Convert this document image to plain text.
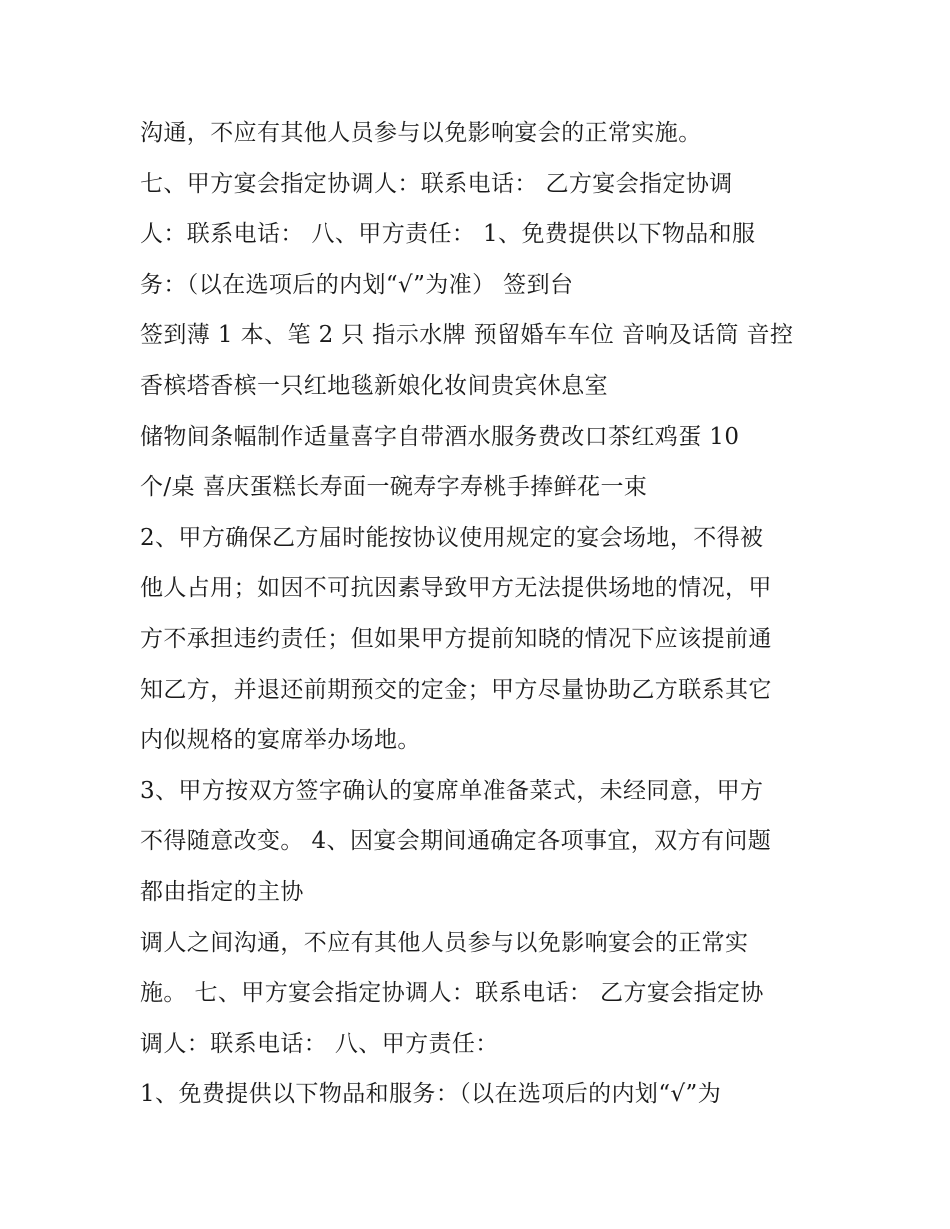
沟通，不应有其他人员参与以免影响宴会的正常实施。
七、甲方宴会指定协调人：联系电话： 乙方宴会指定协调
人：联系电话： 八、甲方责任： 1、免费提供以下物品和服
务：（以在选项后的内划“√”为准） 签到台
签到薄 1 本、笔 2 只 指示水牌 预留婚车车位 音响及话筒 音控
香槟塔香槟一只红地毯新娘化妆间贵宾休息室
储物间条幅制作适量喜字自带酒水服务费改口茶红鸡蛋 10
个/桌 喜庆蛋糕长寿面一碗寿字寿桃手捧鲜花一束
2、甲方确保乙方届时能按协议使用规定的宴会场地，不得被
他人占用；如因不可抗因素导致甲方无法提供场地的情况，甲
方不承担违约责任；但如果甲方提前知晓的情况下应该提前通
知乙方，并退还前期预交的定金；甲方尽量协助乙方联系其它
内似规格的宴席举办场地。
3、甲方按双方签字确认的宴席单准备菜式，未经同意，甲方
不得随意改变。 4、因宴会期间通确定各项事宜，双方有问题
都由指定的主协
调人之间沟通，不应有其他人员参与以免影响宴会的正常实
施。 七、甲方宴会指定协调人：联系电话： 乙方宴会指定协
调人：联系电话： 八、甲方责任：
1、免费提供以下物品和服务：（以在选项后的内划“√”为
